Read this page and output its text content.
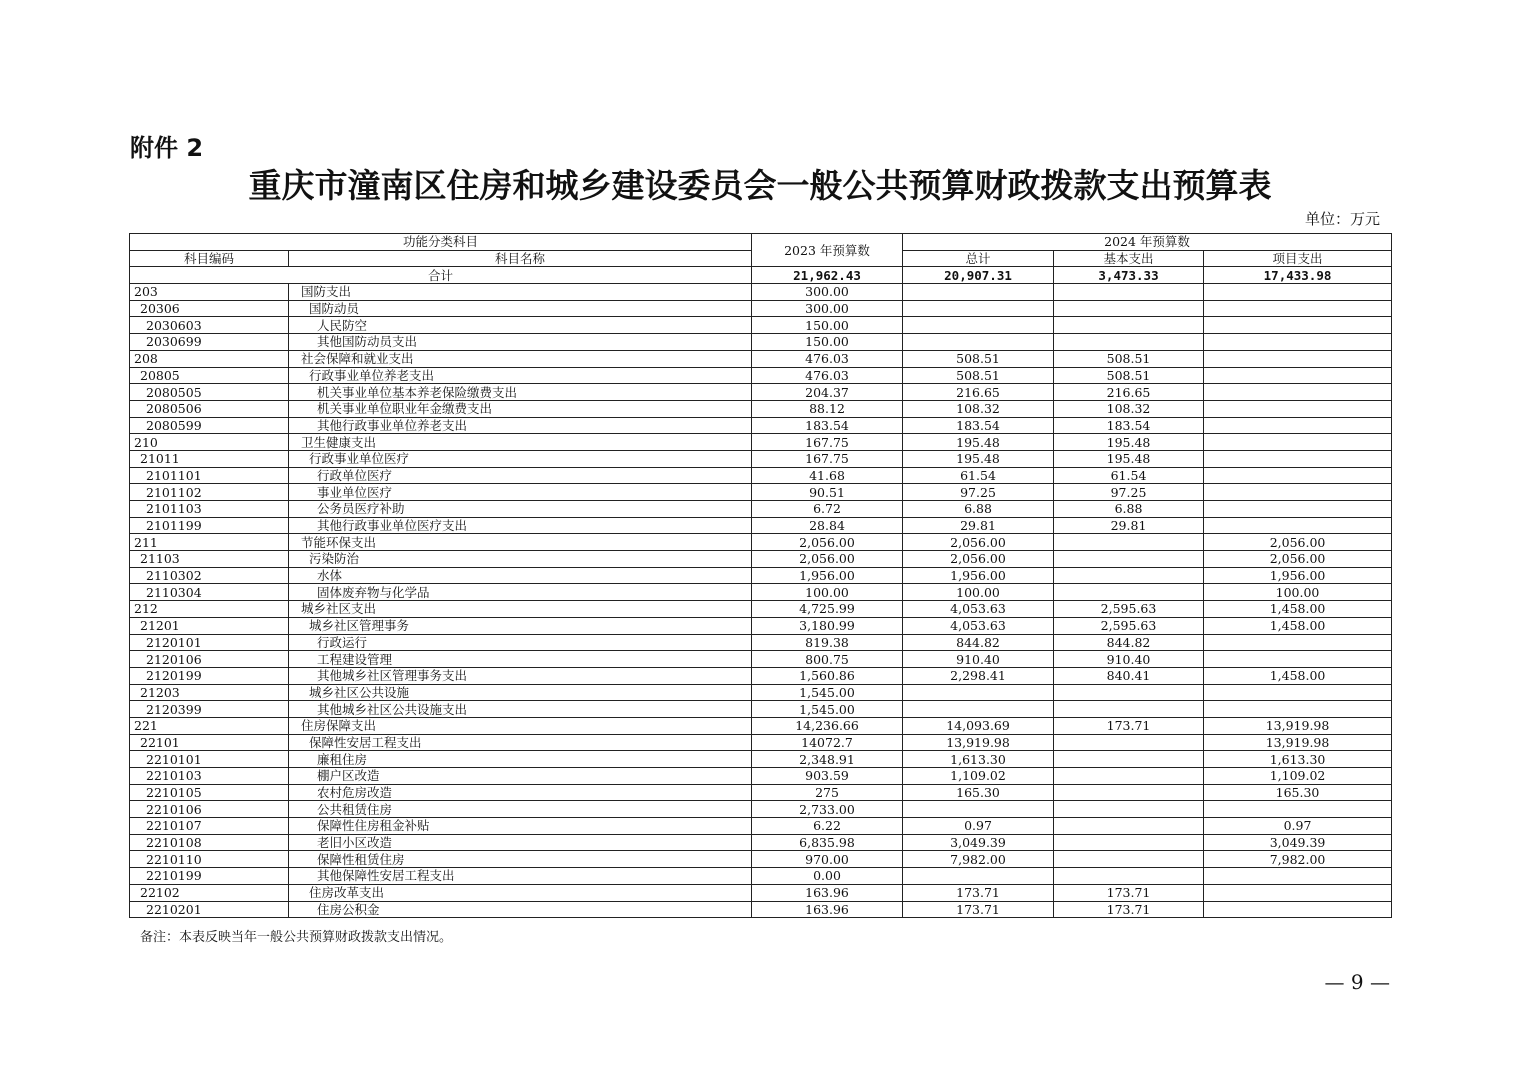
附件 2
重庆市潼南区住房和城乡建设委员会一般公共预算财政拨款支出预算表
单位：万元
功能分类科目		2023 年预算数	2024 年预算数		
科目编码	科目名称		总计	基本支出	项目支出
合计		21,962.43	20,907.31	3,473.33	17,433.98
203	国防支出	300.00			
20306	国防动员	300.00			
2030603	人民防空	150.00			
2030699	其他国防动员支出	150.00			
208	社会保障和就业支出	476.03	508.51	508.51	
20805	行政事业单位养老支出	476.03	508.51	508.51	
2080505	机关事业单位基本养老保险缴费支出	204.37	216.65	216.65	
2080506	机关事业单位职业年金缴费支出	88.12	108.32	108.32	
2080599	其他行政事业单位养老支出	183.54	183.54	183.54	
210	卫生健康支出	167.75	195.48	195.48	
21011	行政事业单位医疗	167.75	195.48	195.48	
2101101	行政单位医疗	41.68	61.54	61.54	
2101102	事业单位医疗	90.51	97.25	97.25	
2101103	公务员医疗补助	6.72	6.88	6.88	
2101199	其他行政事业单位医疗支出	28.84	29.81	29.81	
211	节能环保支出	2,056.00	2,056.00		2,056.00
21103	污染防治	2,056.00	2,056.00		2,056.00
2110302	水体	1,956.00	1,956.00		1,956.00
2110304	固体废弃物与化学品	100.00	100.00		100.00
212	城乡社区支出	4,725.99	4,053.63	2,595.63	1,458.00
21201	城乡社区管理事务	3,180.99	4,053.63	2,595.63	1,458.00
2120101	行政运行	819.38	844.82	844.82	
2120106	工程建设管理	800.75	910.40	910.40	
2120199	其他城乡社区管理事务支出	1,560.86	2,298.41	840.41	1,458.00
21203	城乡社区公共设施	1,545.00			
2120399	其他城乡社区公共设施支出	1,545.00			
221	住房保障支出	14,236.66	14,093.69	173.71	13,919.98
22101	保障性安居工程支出	14072.7	13,919.98		13,919.98
2210101	廉租住房	2,348.91	1,613.30		1,613.30
2210103	棚户区改造	903.59	1,109.02		1,109.02
2210105	农村危房改造	275	165.30		165.30
2210106	公共租赁住房	2,733.00			
2210107	保障性住房租金补贴	6.22	0.97		0.97
2210108	老旧小区改造	6,835.98	3,049.39		3,049.39
2210110	保障性租赁住房	970.00	7,982.00		7,982.00
2210199	其他保障性安居工程支出	0.00			
22102	住房改革支出	163.96	173.71	173.71	
2210201	住房公积金	163.96	173.71	173.71	
备注：本表反映当年一般公共预算财政拨款支出情况。
— 9 —
